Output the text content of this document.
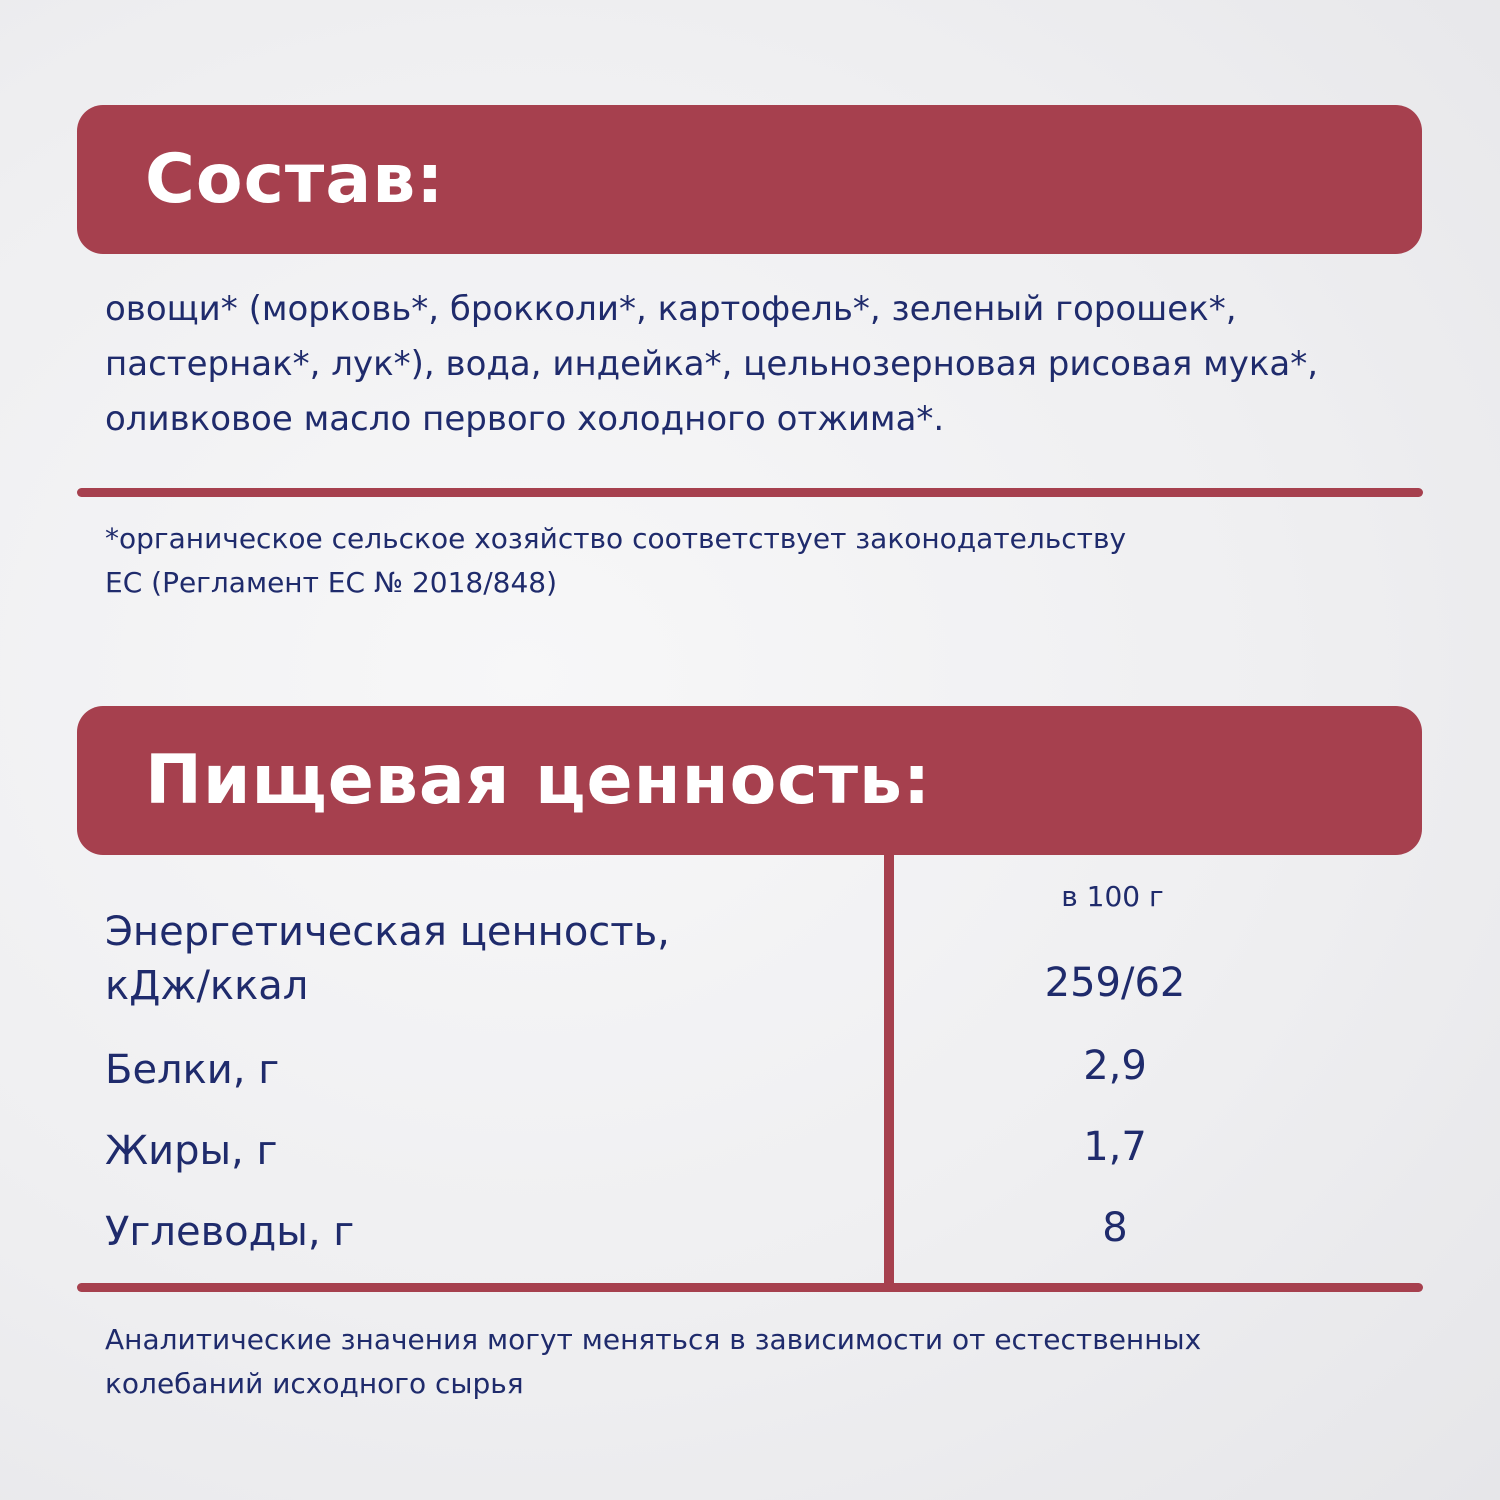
Состав:

овощи* (морковь*, брокколи*, картофель*, зеленый горошек*,
пастернак*, лук*), вода, индейка*, цельнозерновая рисовая мука*,
оливковое масло первого холодного отжима*.

*органическое сельское хозяйство соответствует законодательству
ЕС (Регламент ЕС № 2018/848)
Пищевая ценность:
в 100 г
Энергетическая ценность,
кДж/ккал	259/62
Белки, г	2,9
Жиры, г	1,7
Углеводы, г	8
Аналитические значения могут меняться в зависимости от естественных
колебаний исходного сырья
